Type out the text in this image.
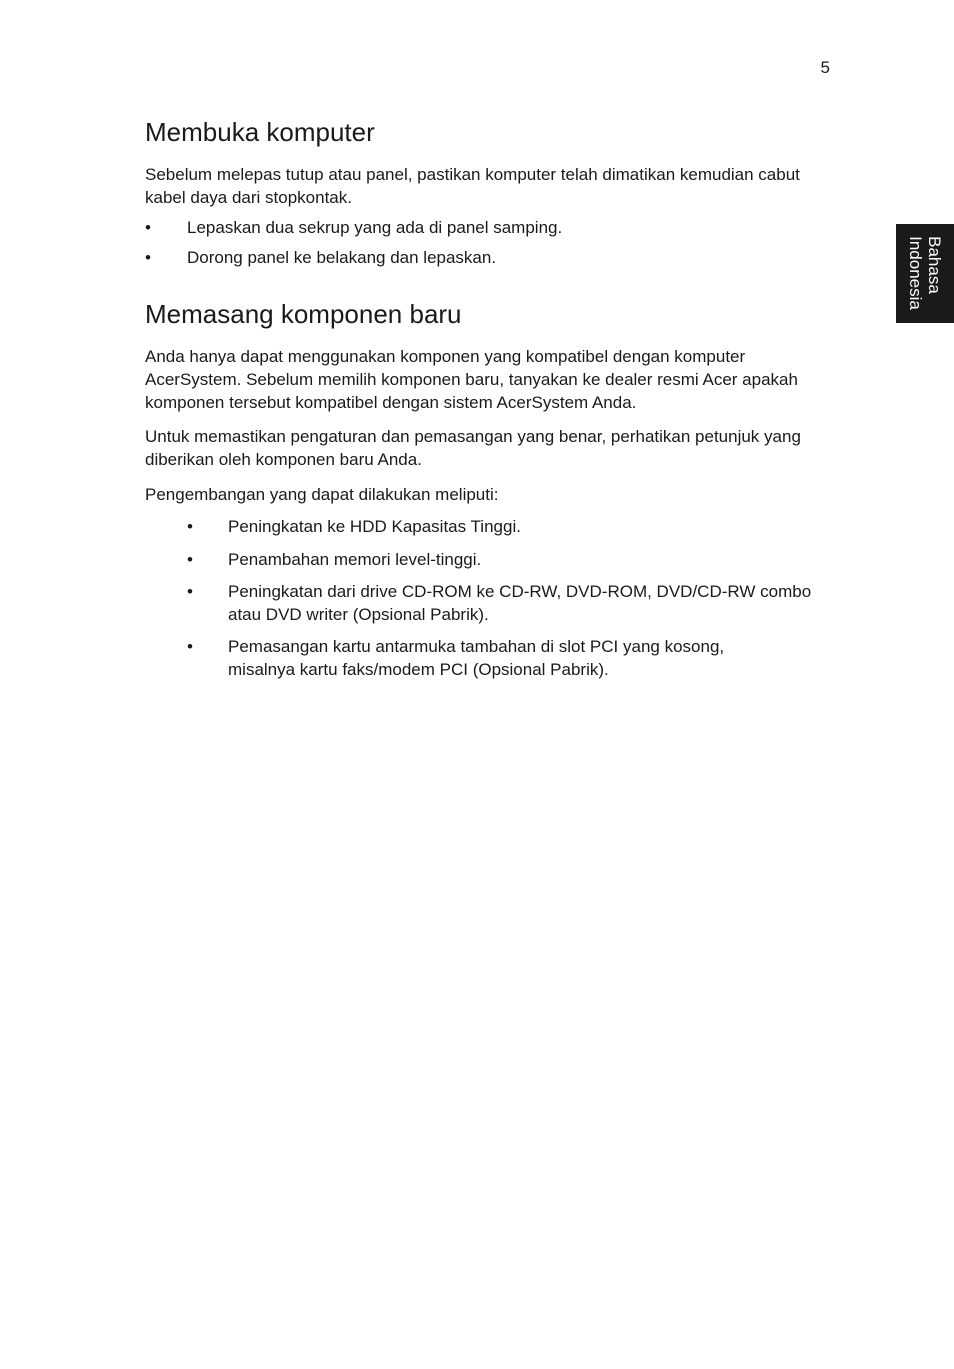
5
Bahasa
Indonesia
Membuka komputer

Sebelum melepas tutup atau panel, pastikan komputer telah dimatikan kemudian cabut kabel daya dari stopkontak.

• Lepaskan dua sekrup yang ada di panel samping.
• Dorong panel ke belakang dan lepaskan.
Memasang komponen baru

Anda hanya dapat menggunakan komponen yang kompatibel dengan komputer AcerSystem. Sebelum memilih komponen baru, tanyakan ke dealer resmi Acer apakah komponen tersebut kompatibel dengan sistem AcerSystem Anda.

Untuk memastikan pengaturan dan pemasangan yang benar, perhatikan petunjuk yang diberikan oleh komponen baru Anda.

Pengembangan yang dapat dilakukan meliputi:

• Peningkatan ke HDD Kapasitas Tinggi.
• Penambahan memori level-tinggi.
• Peningkatan dari drive CD-ROM ke CD-RW, DVD-ROM, DVD/CD-RW combo atau DVD writer (Opsional Pabrik).
• Pemasangan kartu antarmuka tambahan di slot PCI yang kosong, misalnya kartu faks/modem PCI (Opsional Pabrik).
